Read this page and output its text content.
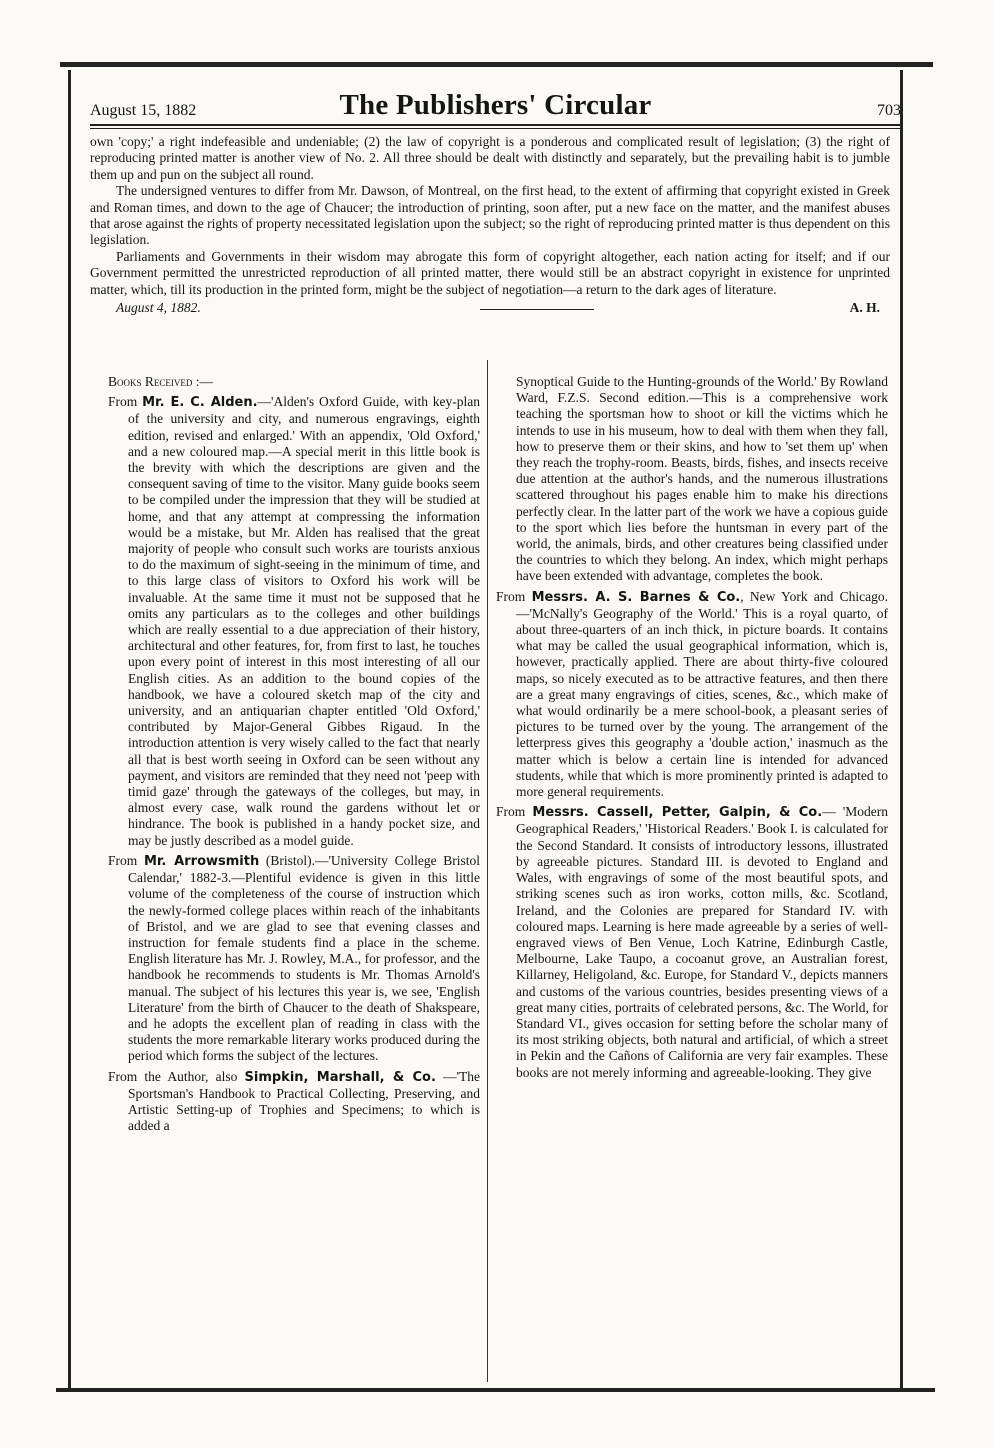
August 15, 1882	The Publishers' Circular	703

own 'copy;' a right indefeasible and undeniable; (2) the law of copyright is a ponderous and complicated result of legislation; (3) the right of reproducing printed matter is another view of No. 2. All three should be dealt with distinctly and separately, but the prevailing habit is to jumble them up and pun on the subject all round.

The undersigned ventures to differ from Mr. Dawson, of Montreal, on the first head, to the extent of affirming that copyright existed in Greek and Roman times, and down to the age of Chaucer; the introduction of printing, soon after, put a new face on the matter, and the manifest abuses that arose against the rights of property necessitated legislation upon the subject; so the right of reproducing printed matter is thus dependent on this legislation.

Parliaments and Governments in their wisdom may abrogate this form of copyright altogether, each nation acting for itself; and if our Government permitted the unrestricted reproduction of all printed matter, there would still be an abstract copyright in existence for unprinted matter, which, till its production in the printed form, might be the subject of negotiation—a return to the dark ages of literature.

August 4, 1882.	A. H.

Books Received :—

From Mr. E. C. Alden.—'Alden's Oxford Guide, with key-plan of the university and city, and numerous engravings, eighth edition, revised and enlarged.' With an appendix, 'Old Oxford,' and a new coloured map.—A special merit in this little book is the brevity with which the descriptions are given and the consequent saving of time to the visitor. Many guide books seem to be compiled under the impression that they will be studied at home, and that any attempt at compressing the information would be a mistake, but Mr. Alden has realised that the great majority of people who consult such works are tourists anxious to do the maximum of sight-seeing in the minimum of time, and to this large class of visitors to Oxford his work will be invaluable. At the same time it must not be supposed that he omits any particulars as to the colleges and other buildings which are really essential to a due appreciation of their history, architectural and other features, for, from first to last, he touches upon every point of interest in this most interesting of all our English cities. As an addition to the bound copies of the handbook, we have a coloured sketch map of the city and university, and an antiquarian chapter entitled 'Old Oxford,' contributed by Major-General Gibbes Rigaud. In the introduction attention is very wisely called to the fact that nearly all that is best worth seeing in Oxford can be seen without any payment, and visitors are reminded that they need not 'peep with timid gaze' through the gateways of the colleges, but may, in almost every case, walk round the gardens without let or hindrance. The book is published in a handy pocket size, and may be justly described as a model guide.

From Mr. Arrowsmith (Bristol).—'University College Bristol Calendar,' 1882-3.—Plentiful evidence is given in this little volume of the completeness of the course of instruction which the newly-formed college places within reach of the inhabitants of Bristol, and we are glad to see that evening classes and instruction for female students find a place in the scheme. English literature has Mr. J. Rowley, M.A., for professor, and the handbook he recommends to students is Mr. Thomas Arnold's manual. The subject of his lectures this year is, we see, 'English Literature' from the birth of Chaucer to the death of Shakspeare, and he adopts the excellent plan of reading in class with the students the more remarkable literary works produced during the period which forms the subject of the lectures.

From the Author, also Simpkin, Marshall, & Co. —'The Sportsman's Handbook to Practical Collecting, Preserving, and Artistic Setting-up of Trophies and Specimens; to which is added a

Synoptical Guide to the Hunting-grounds of the World.' By Rowland Ward, F.Z.S. Second edition.—This is a comprehensive work teaching the sportsman how to shoot or kill the victims which he intends to use in his museum, how to deal with them when they fall, how to preserve them or their skins, and how to 'set them up' when they reach the trophy-room. Beasts, birds, fishes, and insects receive due attention at the author's hands, and the numerous illustrations scattered throughout his pages enable him to make his directions perfectly clear. In the latter part of the work we have a copious guide to the sport which lies before the huntsman in every part of the world, the animals, birds, and other creatures being classified under the countries to which they belong. An index, which might perhaps have been extended with advantage, completes the book.

From Messrs. A. S. Barnes & Co., New York and Chicago.—'McNally's Geography of the World.' This is a royal quarto, of about three-quarters of an inch thick, in picture boards. It contains what may be called the usual geographical information, which is, however, practically applied. There are about thirty-five coloured maps, so nicely executed as to be attractive features, and then there are a great many engravings of cities, scenes, &c., which make of what would ordinarily be a mere school-book, a pleasant series of pictures to be turned over by the young. The arrangement of the letterpress gives this geography a 'double action,' inasmuch as the matter which is below a certain line is intended for advanced students, while that which is more prominently printed is adapted to more general requirements.

From Messrs. Cassell, Petter, Galpin, & Co.— 'Modern Geographical Readers,' 'Historical Readers.' Book I. is calculated for the Second Standard. It consists of introductory lessons, illustrated by agreeable pictures. Standard III. is devoted to England and Wales, with engravings of some of the most beautiful spots, and striking scenes such as iron works, cotton mills, &c. Scotland, Ireland, and the Colonies are prepared for Standard IV. with coloured maps. Learning is here made agreeable by a series of well-engraved views of Ben Venue, Loch Katrine, Edinburgh Castle, Melbourne, Lake Taupo, a cocoanut grove, an Australian forest, Killarney, Heligoland, &c. Europe, for Standard V., depicts manners and customs of the various countries, besides presenting views of a great many cities, portraits of celebrated persons, &c. The World, for Standard VI., gives occasion for setting before the scholar many of its most striking objects, both natural and artificial, of which a street in Pekin and the Cañons of California are very fair examples. These books are not merely informing and agreeable-looking. They give
